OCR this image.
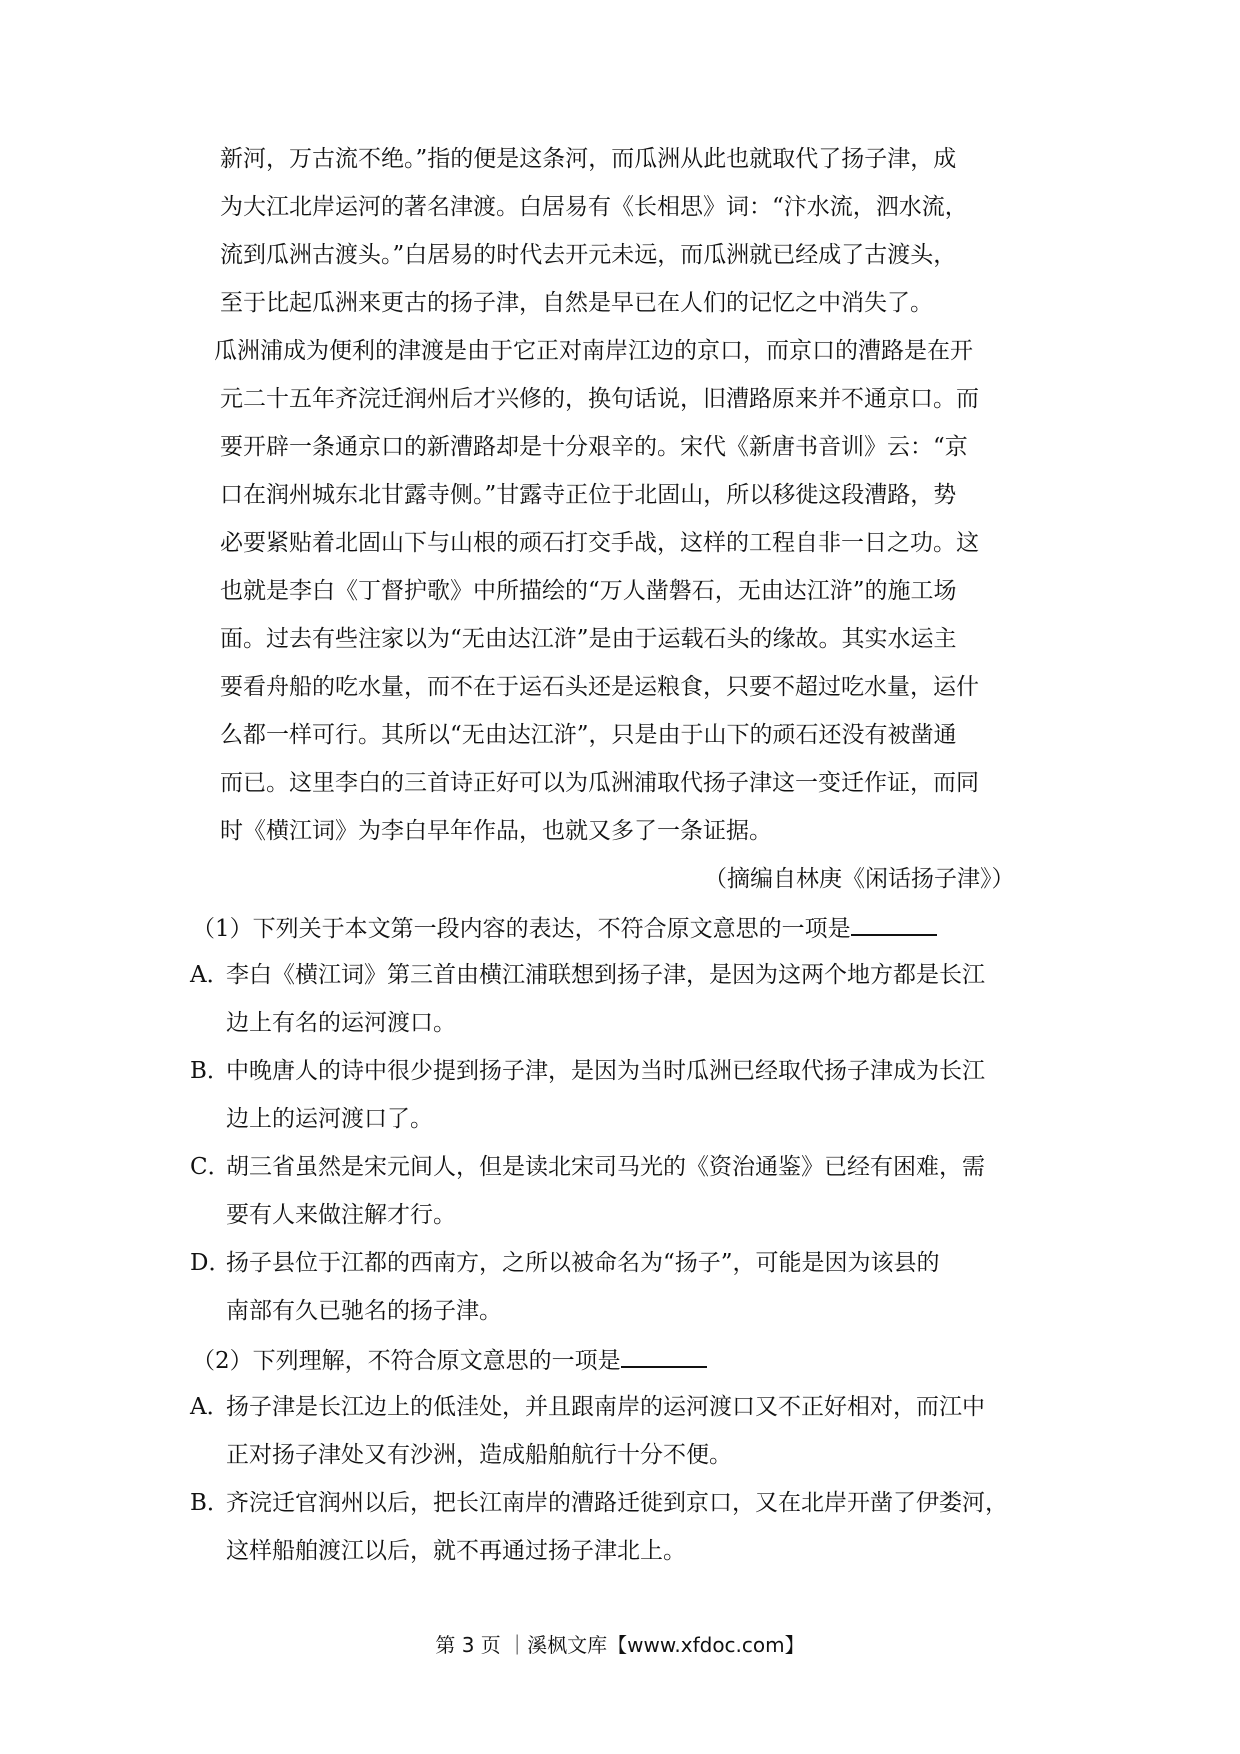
新河，万古流不绝。”指的便是这条河，而瓜洲从此也就取代了扬子津，成
为大江北岸运河的著名津渡。白居易有《长相思》词：“汴水流，泗水流，
流到瓜洲古渡头。”白居易的时代去开元未远，而瓜洲就已经成了古渡头，
至于比起瓜洲来更古的扬子津，自然是早已在人们的记忆之中消失了。
瓜洲浦成为便利的津渡是由于它正对南岸江边的京口，而京口的漕路是在开
元二十五年齐浣迁润州后才兴修的，换句话说，旧漕路原来并不通京口。而
要开辟一条通京口的新漕路却是十分艰辛的。宋代《新唐书音训》云：“京
口在润州城东北甘露寺侧。”甘露寺正位于北固山，所以移徙这段漕路，势
必要紧贴着北固山下与山根的顽石打交手战，这样的工程自非一日之功。这
也就是李白《丁督护歌》中所描绘的“万人凿磐石，无由达江浒”的施工场
面。过去有些注家以为“无由达江浒”是由于运载石头的缘故。其实水运主
要看舟船的吃水量，而不在于运石头还是运粮食，只要不超过吃水量，运什
么都一样可行。其所以“无由达江浒”，只是由于山下的顽石还没有被凿通
而已。这里李白的三首诗正好可以为瓜洲浦取代扬子津这一变迁作证，而同
时《横江词》为李白早年作品，也就又多了一条证据。
（摘编自林庚《闲话扬子津》）
（1）下列关于本文第一段内容的表达，不符合原文意思的一项是
A．
李白《横江词》第三首由横江浦联想到扬子津，是因为这两个地方都是长江
边上有名的运河渡口。
B．
中晚唐人的诗中很少提到扬子津，是因为当时瓜洲已经取代扬子津成为长江
边上的运河渡口了。
C．
胡三省虽然是宋元间人，但是读北宋司马光的《资治通鉴》已经有困难，需
要有人来做注解才行。
D．
扬子县位于江都的西南方，之所以被命名为“扬子”，可能是因为该县的
南部有久已驰名的扬子津。
（2）下列理解，不符合原文意思的一项是
A．
扬子津是长江边上的低洼处，并且跟南岸的运河渡口又不正好相对，而江中
正对扬子津处又有沙洲，造成船舶航行十分不便。
B．
齐浣迁官润州以后，把长江南岸的漕路迁徙到京口，又在北岸开凿了伊娄河，
这样船舶渡江以后，就不再通过扬子津北上。
第 3 页 ｜溪枫文库【www.xfdoc.com】
